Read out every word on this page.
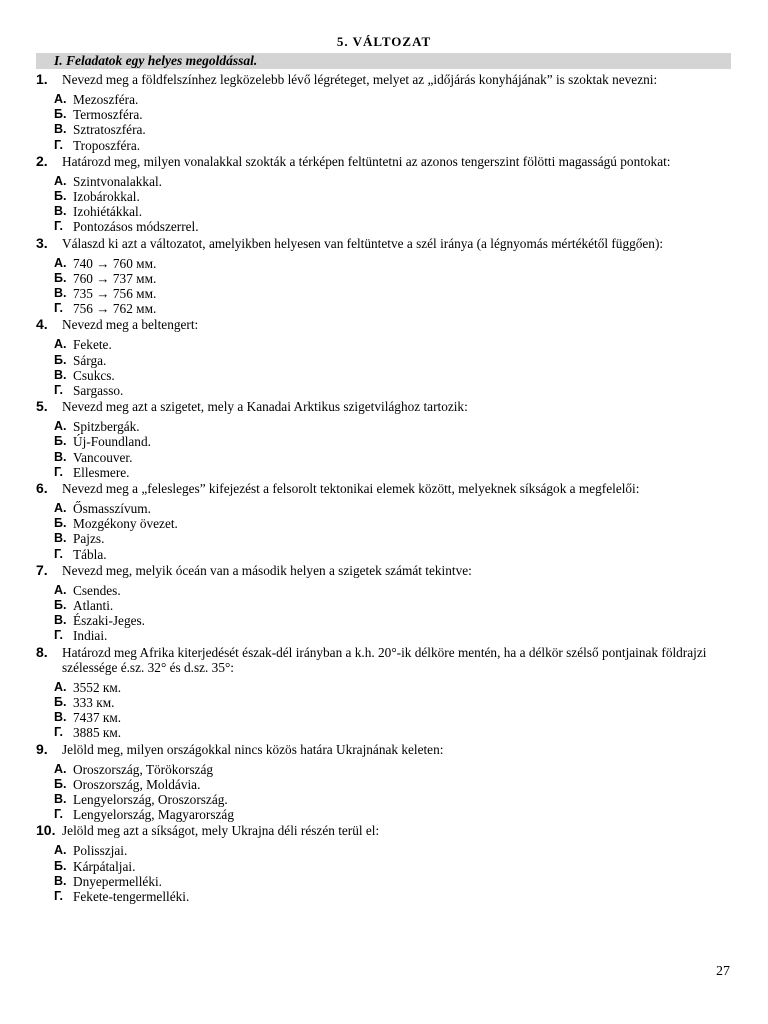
5. VÁLTOZAT
I. Feladatok egy helyes megoldással.
1.	Nevezd meg a földfelszínhez legközelebb lévő légréteget, melyet az „időjárás konyhájának” is szoktak nevezni:
А. Mezoszféra.
Б. Termoszféra.
В. Sztratoszféra.
Г. Troposzféra.
2.	Határozd meg, milyen vonalakkal szokták a térképen feltüntetni az azonos tengerszint fölötti magasságú pontokat:
А. Szintvonalakkal.
Б. Izobárokkal.
В. Izohiétákkal.
Г. Pontozásos módszerrel.
3.	Válaszd ki azt a változatot, amelyikben helyesen van feltüntetve a szél iránya (a légnyomás mértékétől függően):
А. 740 → 760 мм.
Б. 760 → 737 мм.
В. 735 → 756 мм.
Г. 756 → 762 мм.
4.	Nevezd meg a beltengert:
А. Fekete.
Б. Sárga.
В. Csukcs.
Г. Sargasso.
5.	Nevezd meg azt a szigetet, mely a Kanadai Arktikus szigetvilághoz tartozik:
А. Spitzbergák.
Б. Új-Foundland.
В. Vancouver.
Г. Ellesmere.
6.	Nevezd meg a „felesleges” kifejezést a felsorolt tektonikai elemek között, melyeknek síkságok a megfelelői:
А. Ősmasszívum.
Б. Mozgékony övezet.
В. Pajzs.
Г. Tábla.
7.	Nevezd meg, melyik óceán van a második helyen a szigetek számát tekintve:
А. Csendes.
Б. Atlanti.
В. Északi-Jeges.
Г. Indiai.
8.	Határozd meg Afrika kiterjedését észak-dél irányban a k.h. 20°-ik délköre mentén, ha a délkör szélső pontjainak földrajzi szélessége é.sz. 32° és d.sz. 35°:
А. 3552 км.
Б. 333 км.
В. 7437 км.
Г. 3885 км.
9.	Jelöld meg, milyen országokkal nincs közös határa Ukrajnának keleten:
А. Oroszország, Törökország
Б. Oroszország, Moldávia.
В. Lengyelország, Oroszország.
Г. Lengyelország, Magyarország
10. Jelöld meg azt a síkságot, mely Ukrajna déli részén terül el:
А. Polisszjai.
Б. Kárpátaljai.
В. Dnyepermelléki.
Г. Fekete-tengermelléki.
27
